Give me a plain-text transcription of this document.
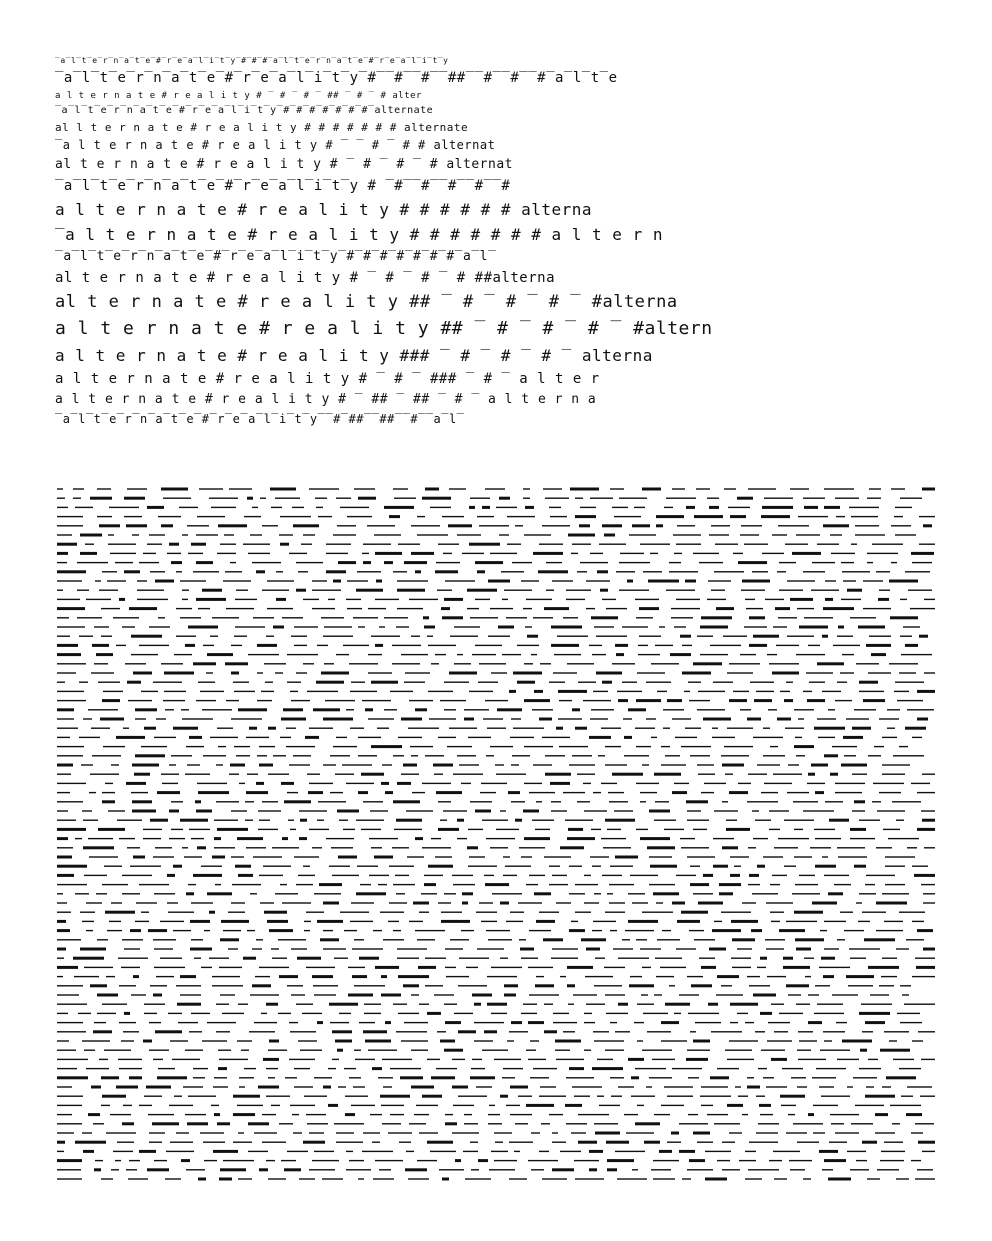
‾a‾l‾t‾e‾r‾n‾a‾t‾e‾#‾r‾e‾a‾l‾i‾t‾y‾#‾#‾#‾a‾l‾t‾e‾r‾n‾a‾t‾e‾#‾r‾e‾a‾l‾i‾t‾y
‾a‾l‾t‾e‾r‾n‾a‾t‾e‾#‾r‾e‾a‾l‾i‾t‾y‾#‾‾#‾‾#‾‾##‾‾#‾‾#‾‾#‾a‾l‾t‾e
a l t e r n a t e # r e a l i t y # ‾ # ‾ # ‾ ## ‾ # ‾ # alter
‾a‾l‾t‾e‾r‾n‾a‾t‾e‾#‾r‾e‾a‾l‾i‾t‾y‾#‾#‾#‾#‾#‾#‾#‾alternate
al l t e r n a t e # r e a l i t y # # # # # # # alternate
‾a l t e r n a t e # r e a l i t y # ‾ ‾ # ‾ # # alternat
al t e r n a t e # r e a l i t y # ‾ # ‾ # ‾ # alternat
‾a‾l‾t‾e‾r‾n‾a‾t‾e‾#‾r‾e‾a‾l‾i‾t‾y # ‾#‾‾#‾‾#‾‾#‾‾#
a l t e r n a t e # r e a l i t y # # # # # # alterna
‾a l t e r n a t e # r e a l i t y # # # # # # # a l t e r n
‾a‾l‾t‾e‾r‾n‾a‾t‾e‾#‾r‾e‾a‾l‾i‾t‾y‾#‾#‾#‾#‾#‾#‾#‾a‾l‾
al t e r n a t e # r e a l i t y # ‾ # ‾ # ‾ # ##alterna
al t e r n a t e # r e a l i t y ## ‾ # ‾ # ‾ # ‾ #alterna
a l t e r n a t e # r e a l i t y ## ‾ # ‾ # ‾ # ‾ #altern
a l t e r n a t e # r e a l i t y ### ‾ # ‾ # ‾ # ‾ alterna
a l t e r n a t e # r e a l i t y # ‾ # ‾ ### ‾ # ‾ a l t e r
a l t e r n a t e # r e a l i t y # ‾ ## ‾ ## ‾ # ‾ a l t e r n a
‾a‾l‾t‾e‾r‾n‾a‾t‾e‾#‾r‾e‾a‾l‾i‾t‾y‾‾#‾##‾‾##‾‾#‾‾a‾l‾
